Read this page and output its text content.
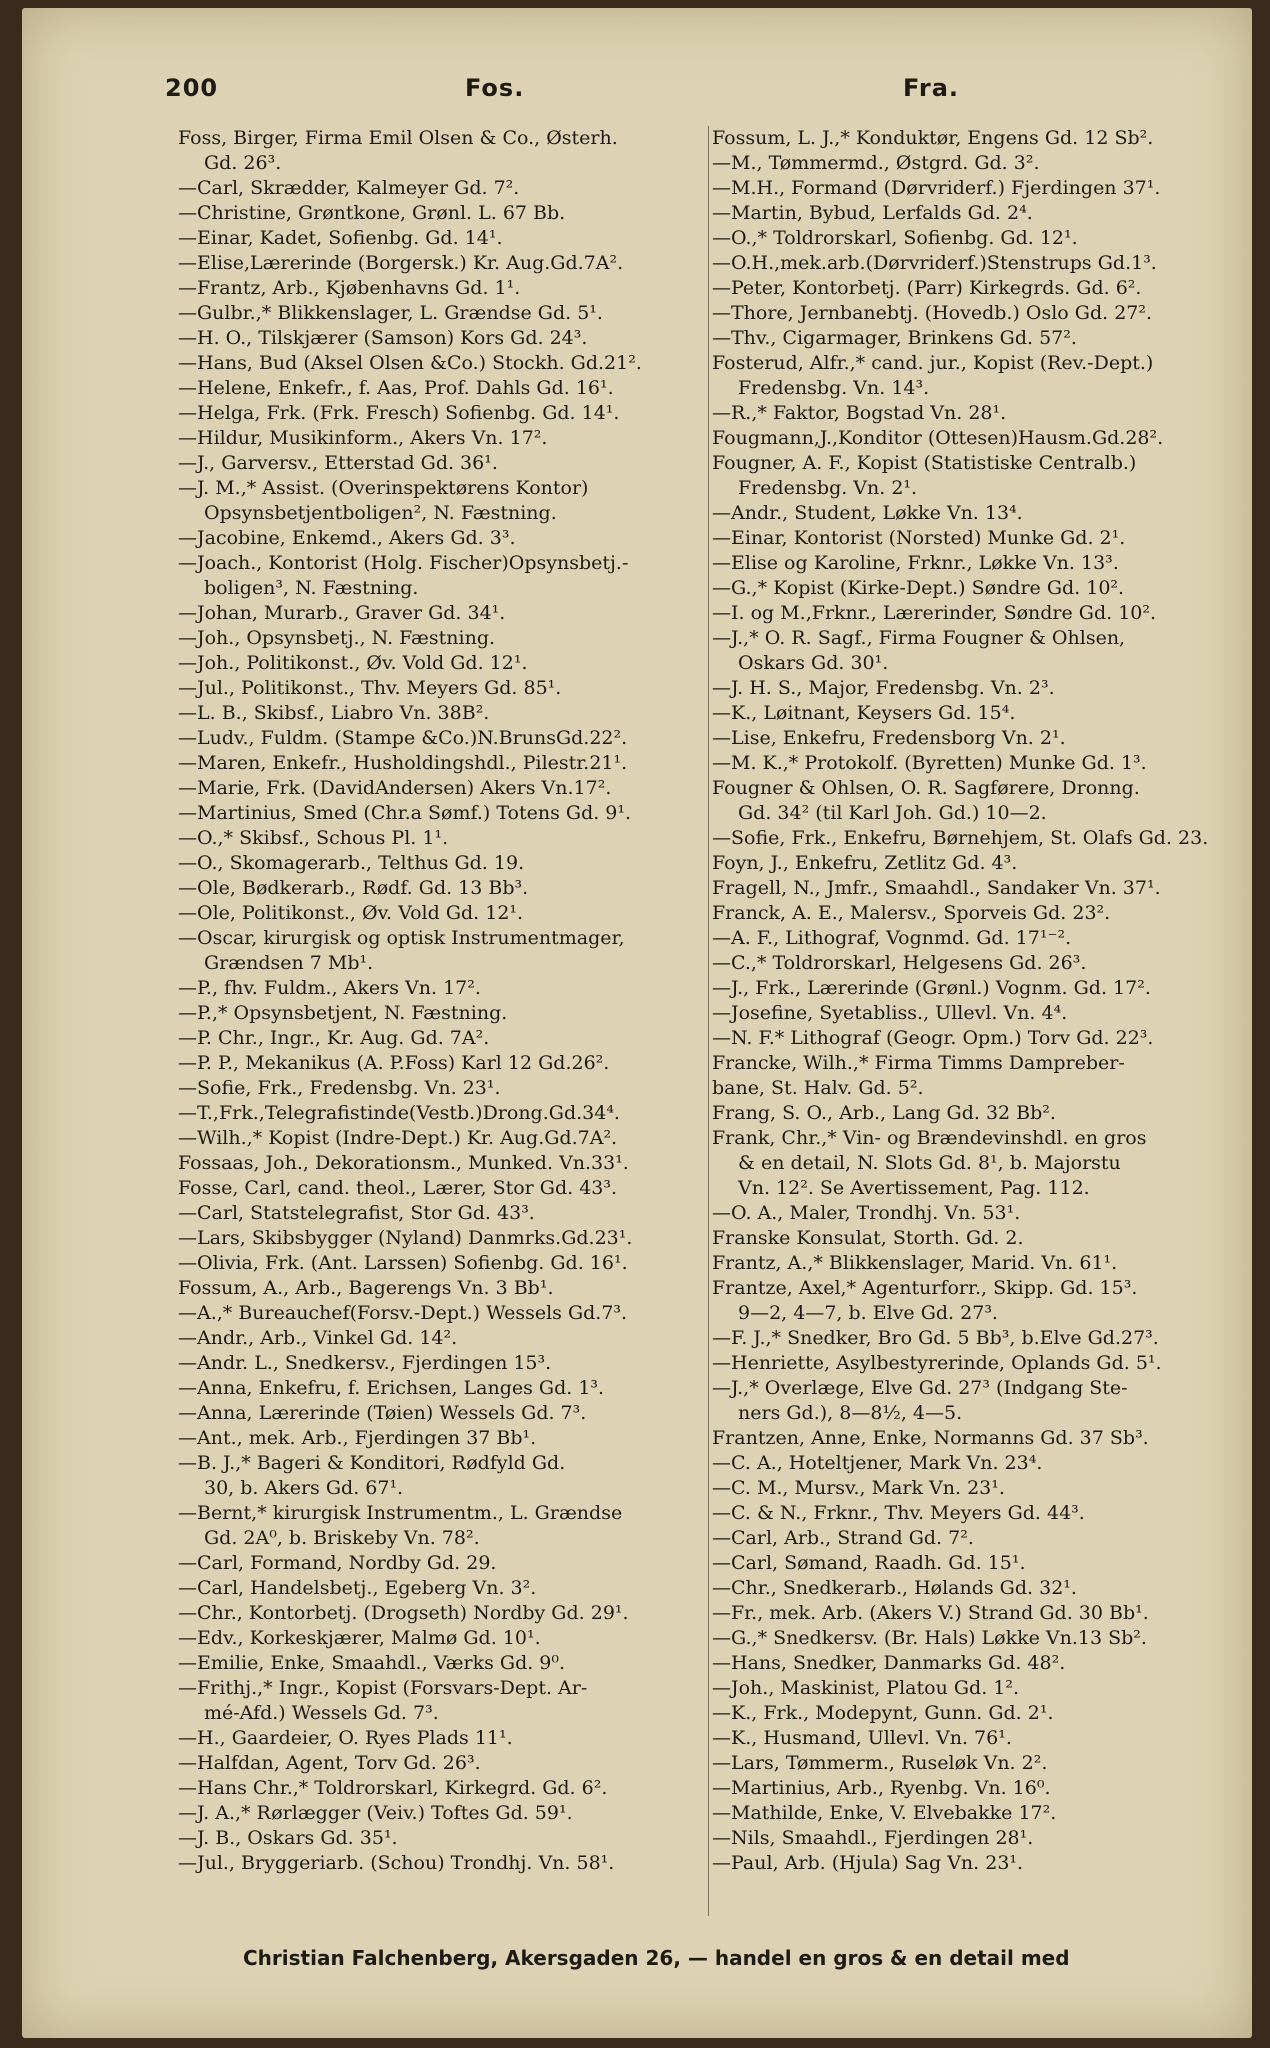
200	Fos.	Fra.
Foss, Birger, Firma Emil Olsen & Co., Østerh.
Gd. 26³.
—Carl, Skrædder, Kalmeyer Gd. 7².
—Christine, Grøntkone, Grønl. L. 67 Bb.
—Einar, Kadet, Sofienbg. Gd. 14¹.
—Elise,Lærerinde (Borgersk.) Kr. Aug.Gd.7A².
—Frantz, Arb., Kjøbenhavns Gd. 1¹.
—Gulbr.,* Blikkenslager, L. Grændse Gd. 5¹.
—H. O., Tilskjærer (Samson) Kors Gd. 24³.
—Hans, Bud (Aksel Olsen &Co.) Stockh. Gd.21².
—Helene, Enkefr., f. Aas, Prof. Dahls Gd. 16¹.
—Helga, Frk. (Frk. Fresch) Sofienbg. Gd. 14¹.
—Hildur, Musikinform., Akers Vn. 17².
—J., Garversv., Etterstad Gd. 36¹.
—J. M.,* Assist. (Overinspektørens Kontor)
Opsynsbetjentboligen², N. Fæstning.
—Jacobine, Enkemd., Akers Gd. 3³.
—Joach., Kontorist (Holg. Fischer)Opsynsbetj.-
boligen³, N. Fæstning.
—Johan, Murarb., Graver Gd. 34¹.
—Joh., Opsynsbetj., N. Fæstning.
—Joh., Politikonst., Øv. Vold Gd. 12¹.
—Jul., Politikonst., Thv. Meyers Gd. 85¹.
—L. B., Skibsf., Liabro Vn. 38B².
—Ludv., Fuldm. (Stampe &Co.)N.BrunsGd.22².
—Maren, Enkefr., Husholdingshdl., Pilestr.21¹.
—Marie, Frk. (DavidAndersen) Akers Vn.17².
—Martinius, Smed (Chr.a Sømf.) Totens Gd. 9¹.
—O.,* Skibsf., Schous Pl. 1¹.
—O., Skomagerarb., Telthus Gd. 19.
—Ole, Bødkerarb., Rødf. Gd. 13 Bb³.
—Ole, Politikonst., Øv. Vold Gd. 12¹.
—Oscar, kirurgisk og optisk Instrumentmager,
Grændsen 7 Mb¹.
—P., fhv. Fuldm., Akers Vn. 17².
—P.,* Opsynsbetjent, N. Fæstning.
—P. Chr., Ingr., Kr. Aug. Gd. 7A².
—P. P., Mekanikus (A. P.Foss) Karl 12 Gd.26².
—Sofie, Frk., Fredensbg. Vn. 23¹.
—T.,Frk.,Telegrafistinde(Vestb.)Drong.Gd.34⁴.
—Wilh.,* Kopist (Indre-Dept.) Kr. Aug.Gd.7A².
Fossaas, Joh., Dekorationsm., Munked. Vn.33¹.
Fosse, Carl, cand. theol., Lærer, Stor Gd. 43³.
—Carl, Statstelegrafist, Stor Gd. 43³.
—Lars, Skibsbygger (Nyland) Danmrks.Gd.23¹.
—Olivia, Frk. (Ant. Larssen) Sofienbg. Gd. 16¹.
Fossum, A., Arb., Bagerengs Vn. 3 Bb¹.
—A.,* Bureauchef(Forsv.-Dept.) Wessels Gd.7³.
—Andr., Arb., Vinkel Gd. 14².
—Andr. L., Snedkersv., Fjerdingen 15³.
—Anna, Enkefru, f. Erichsen, Langes Gd. 1³.
—Anna, Lærerinde (Tøien) Wessels Gd. 7³.
—Ant., mek. Arb., Fjerdingen 37 Bb¹.
—B. J.,* Bageri & Konditori, Rødfyld Gd.
30, b. Akers Gd. 67¹.
—Bernt,* kirurgisk Instrumentm., L. Grændse
Gd. 2A⁰, b. Briskeby Vn. 78².
—Carl, Formand, Nordby Gd. 29.
—Carl, Handelsbetj., Egeberg Vn. 3².
—Chr., Kontorbetj. (Drogseth) Nordby Gd. 29¹.
—Edv., Korkeskjærer, Malmø Gd. 10¹.
—Emilie, Enke, Smaahdl., Værks Gd. 9⁰.
—Frithj.,* Ingr., Kopist (Forsvars-Dept. Ar-
mé-Afd.) Wessels Gd. 7³.
—H., Gaardeier, O. Ryes Plads 11¹.
—Halfdan, Agent, Torv Gd. 26³.
—Hans Chr.,* Toldrorskarl, Kirkegrd. Gd. 6².
—J. A.,* Rørlægger (Veiv.) Toftes Gd. 59¹.
—J. B., Oskars Gd. 35¹.
—Jul., Bryggeriarb. (Schou) Trondhj. Vn. 58¹.
Fossum, L. J.,* Konduktør, Engens Gd. 12 Sb².
—M., Tømmermd., Østgrd. Gd. 3².
—M.H., Formand (Dørvriderf.) Fjerdingen 37¹.
—Martin, Bybud, Lerfalds Gd. 2⁴.
—O.,* Toldrorskarl, Sofienbg. Gd. 12¹.
—O.H.,mek.arb.(Dørvriderf.)Stenstrups Gd.1³.
—Peter, Kontorbetj. (Parr) Kirkegrds. Gd. 6².
—Thore, Jernbanebtj. (Hovedb.) Oslo Gd. 27².
—Thv., Cigarmager, Brinkens Gd. 57².
Fosterud, Alfr.,* cand. jur., Kopist (Rev.-Dept.)
Fredensbg. Vn. 14³.
—R.,* Faktor, Bogstad Vn. 28¹.
Fougmann,J.,Konditor (Ottesen)Hausm.Gd.28².
Fougner, A. F., Kopist (Statistiske Centralb.)
Fredensbg. Vn. 2¹.
—Andr., Student, Løkke Vn. 13⁴.
—Einar, Kontorist (Norsted) Munke Gd. 2¹.
—Elise og Karoline, Frknr., Løkke Vn. 13³.
—G.,* Kopist (Kirke-Dept.) Søndre Gd. 10².
—I. og M.,Frknr., Lærerinder, Søndre Gd. 10².
—J.,* O. R. Sagf., Firma Fougner & Ohlsen,
Oskars Gd. 30¹.
—J. H. S., Major, Fredensbg. Vn. 2³.
—K., Løitnant, Keysers Gd. 15⁴.
—Lise, Enkefru, Fredensborg Vn. 2¹.
—M. K.,* Protokolf. (Byretten) Munke Gd. 1³.
Fougner & Ohlsen, O. R. Sagførere, Dronng.
Gd. 34² (til Karl Joh. Gd.) 10—2.
—Sofie, Frk., Enkefru, Børnehjem, St. Olafs Gd. 23.
Foyn, J., Enkefru, Zetlitz Gd. 4³.
Fragell, N., Jmfr., Smaahdl., Sandaker Vn. 37¹.
Franck, A. E., Malersv., Sporveis Gd. 23².
—A. F., Lithograf, Vognmd. Gd. 17¹⁻².
—C.,* Toldrorskarl, Helgesens Gd. 26³.
—J., Frk., Lærerinde (Grønl.) Vognm. Gd. 17².
—Josefine, Syetabliss., Ullevl. Vn. 4⁴.
—N. F.* Lithograf (Geogr. Opm.) Torv Gd. 22³.
Francke, Wilh.,* Firma Timms Dampreber-
bane, St. Halv. Gd. 5².
Frang, S. O., Arb., Lang Gd. 32 Bb².
Frank, Chr.,* Vin- og Brændevinshdl. en gros
& en detail, N. Slots Gd. 8¹, b. Majorstu
Vn. 12². Se Avertissement, Pag. 112.
—O. A., Maler, Trondhj. Vn. 53¹.
Franske Konsulat, Storth. Gd. 2.
Frantz, A.,* Blikkenslager, Marid. Vn. 61¹.
Frantze, Axel,* Agenturforr., Skipp. Gd. 15³.
9—2, 4—7, b. Elve Gd. 27³.
—F. J.,* Snedker, Bro Gd. 5 Bb³, b.Elve Gd.27³.
—Henriette, Asylbestyrerinde, Oplands Gd. 5¹.
—J.,* Overlæge, Elve Gd. 27³ (Indgang Ste-
ners Gd.), 8—8½, 4—5.
Frantzen, Anne, Enke, Normanns Gd. 37 Sb³.
—C. A., Hoteltjener, Mark Vn. 23⁴.
—C. M., Mursv., Mark Vn. 23¹.
—C. & N., Frknr., Thv. Meyers Gd. 44³.
—Carl, Arb., Strand Gd. 7².
—Carl, Sømand, Raadh. Gd. 15¹.
—Chr., Snedkerarb., Hølands Gd. 32¹.
—Fr., mek. Arb. (Akers V.) Strand Gd. 30 Bb¹.
—G.,* Snedkersv. (Br. Hals) Løkke Vn.13 Sb².
—Hans, Snedker, Danmarks Gd. 48².
—Joh., Maskinist, Platou Gd. 1².
—K., Frk., Modepynt, Gunn. Gd. 2¹.
—K., Husmand, Ullevl. Vn. 76¹.
—Lars, Tømmerm., Ruseløk Vn. 2².
—Martinius, Arb., Ryenbg. Vn. 16⁰.
—Mathilde, Enke, V. Elvebakke 17².
—Nils, Smaahdl., Fjerdingen 28¹.
—Paul, Arb. (Hjula) Sag Vn. 23¹.
Christian Falchenberg, Akersgaden 26, — handel en gros & en detail med
